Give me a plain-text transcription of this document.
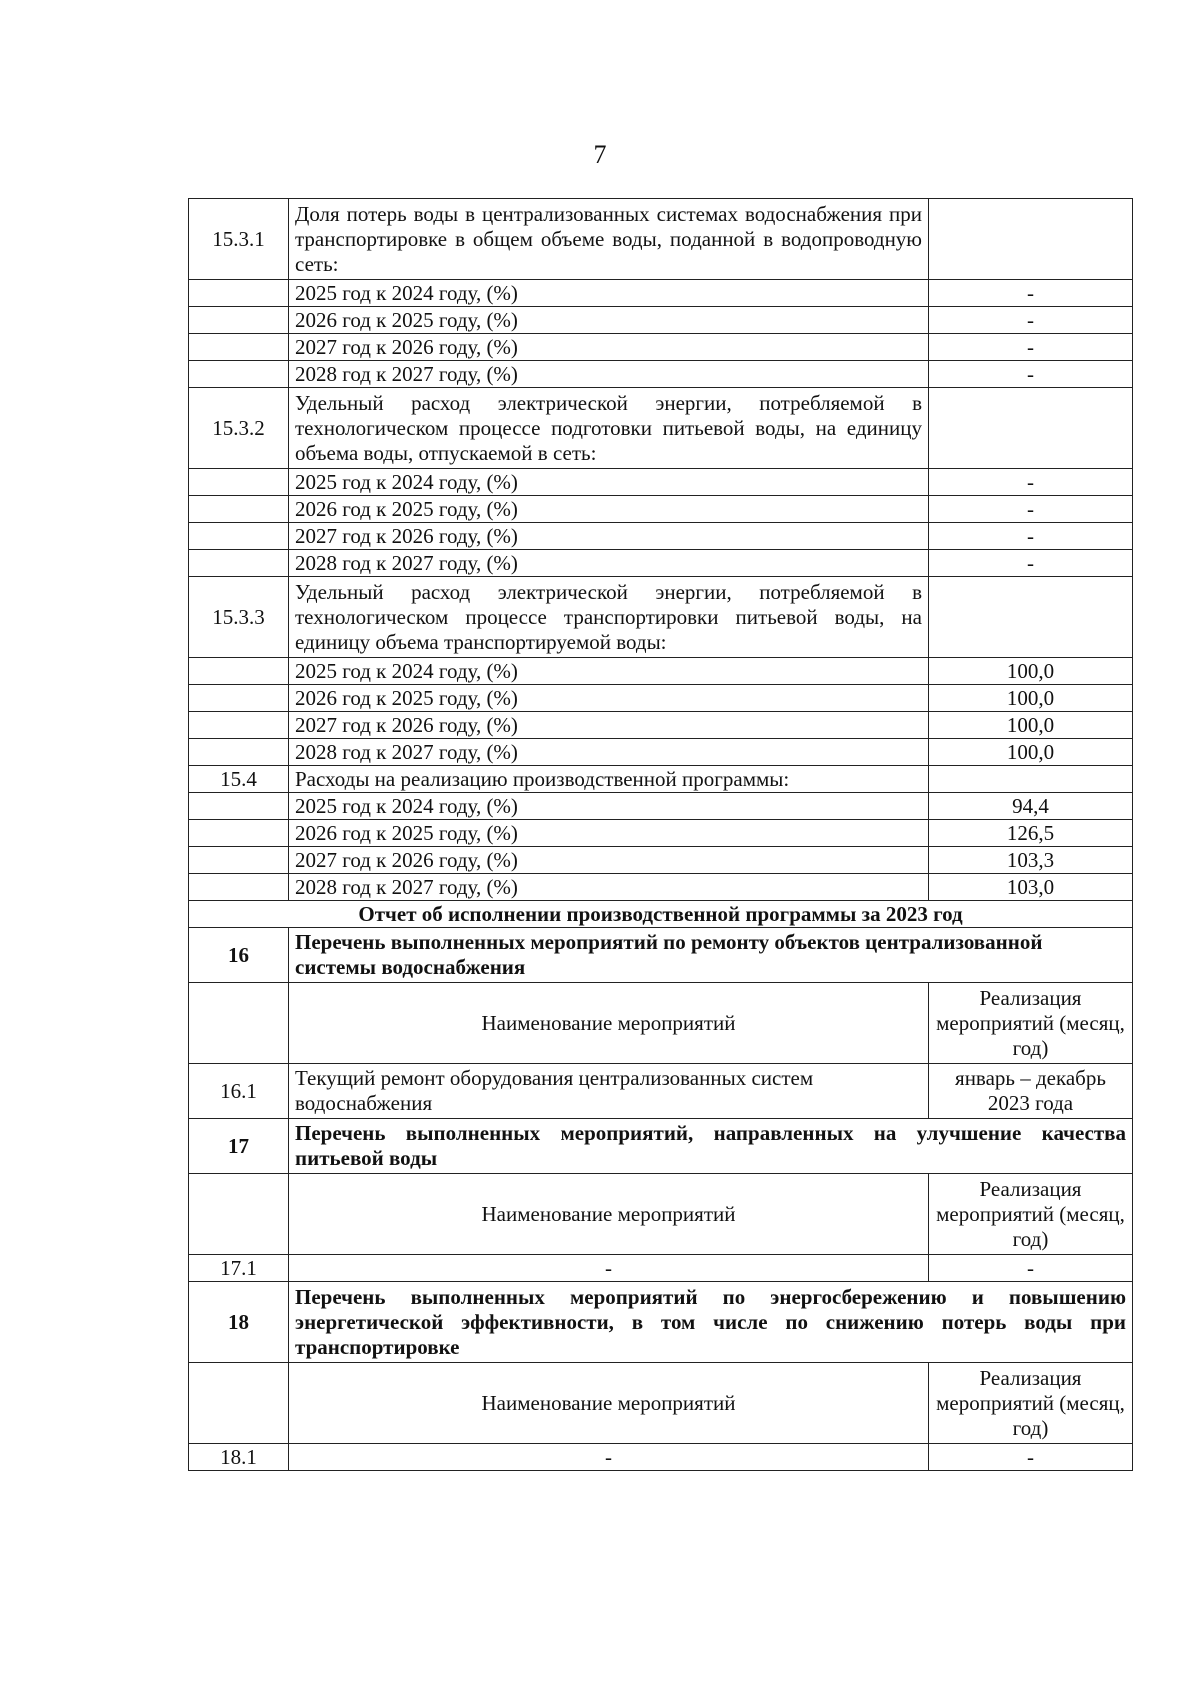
7
15.3.1	Доля потерь воды в централизованных системах водоснабжения при транспортировке в общем объеме воды, поданной в водопроводную сеть:	
	2025 год к 2024 году, (%)	-
	2026 год к 2025 году, (%)	-
	2027 год к 2026 году, (%)	-
	2028 год к 2027 году, (%)	-
15.3.2	Удельный расход электрической энергии, потребляемой в технологическом процессе подготовки питьевой воды, на единицу объема воды, отпускаемой в сеть:	
	2025 год к 2024 году, (%)	-
	2026 год к 2025 году, (%)	-
	2027 год к 2026 году, (%)	-
	2028 год к 2027 году, (%)	-
15.3.3	Удельный расход электрической энергии, потребляемой в технологическом процессе транспортировки питьевой воды, на единицу объема транспортируемой воды:	
	2025 год к 2024 году, (%)	100,0
	2026 год к 2025 году, (%)	100,0
	2027 год к 2026 году, (%)	100,0
	2028 год к 2027 году, (%)	100,0
15.4	Расходы на реализацию производственной программы:	
	2025 год к 2024 году, (%)	94,4
	2026 год к 2025 году, (%)	126,5
	2027 год к 2026 году, (%)	103,3
	2028 год к 2027 году, (%)	103,0
Отчет об исполнении производственной программы за 2023 год		
16	Перечень выполненных мероприятий по ремонту объектов централизованной системы водоснабжения	
	Наименование мероприятий	Реализация мероприятий (месяц, год)
16.1	Текущий ремонт оборудования централизованных систем водоснабжения	январь – декабрь 2023 года
17	Перечень выполненных мероприятий, направленных на улучшение качества питьевой воды	
	Наименование мероприятий	Реализация мероприятий (месяц, год)
17.1	-	-
18	Перечень выполненных мероприятий по энергосбережению и повышению энергетической эффективности, в том числе по снижению потерь воды при транспортировке	
	Наименование мероприятий	Реализация мероприятий (месяц, год)
18.1	-	-
